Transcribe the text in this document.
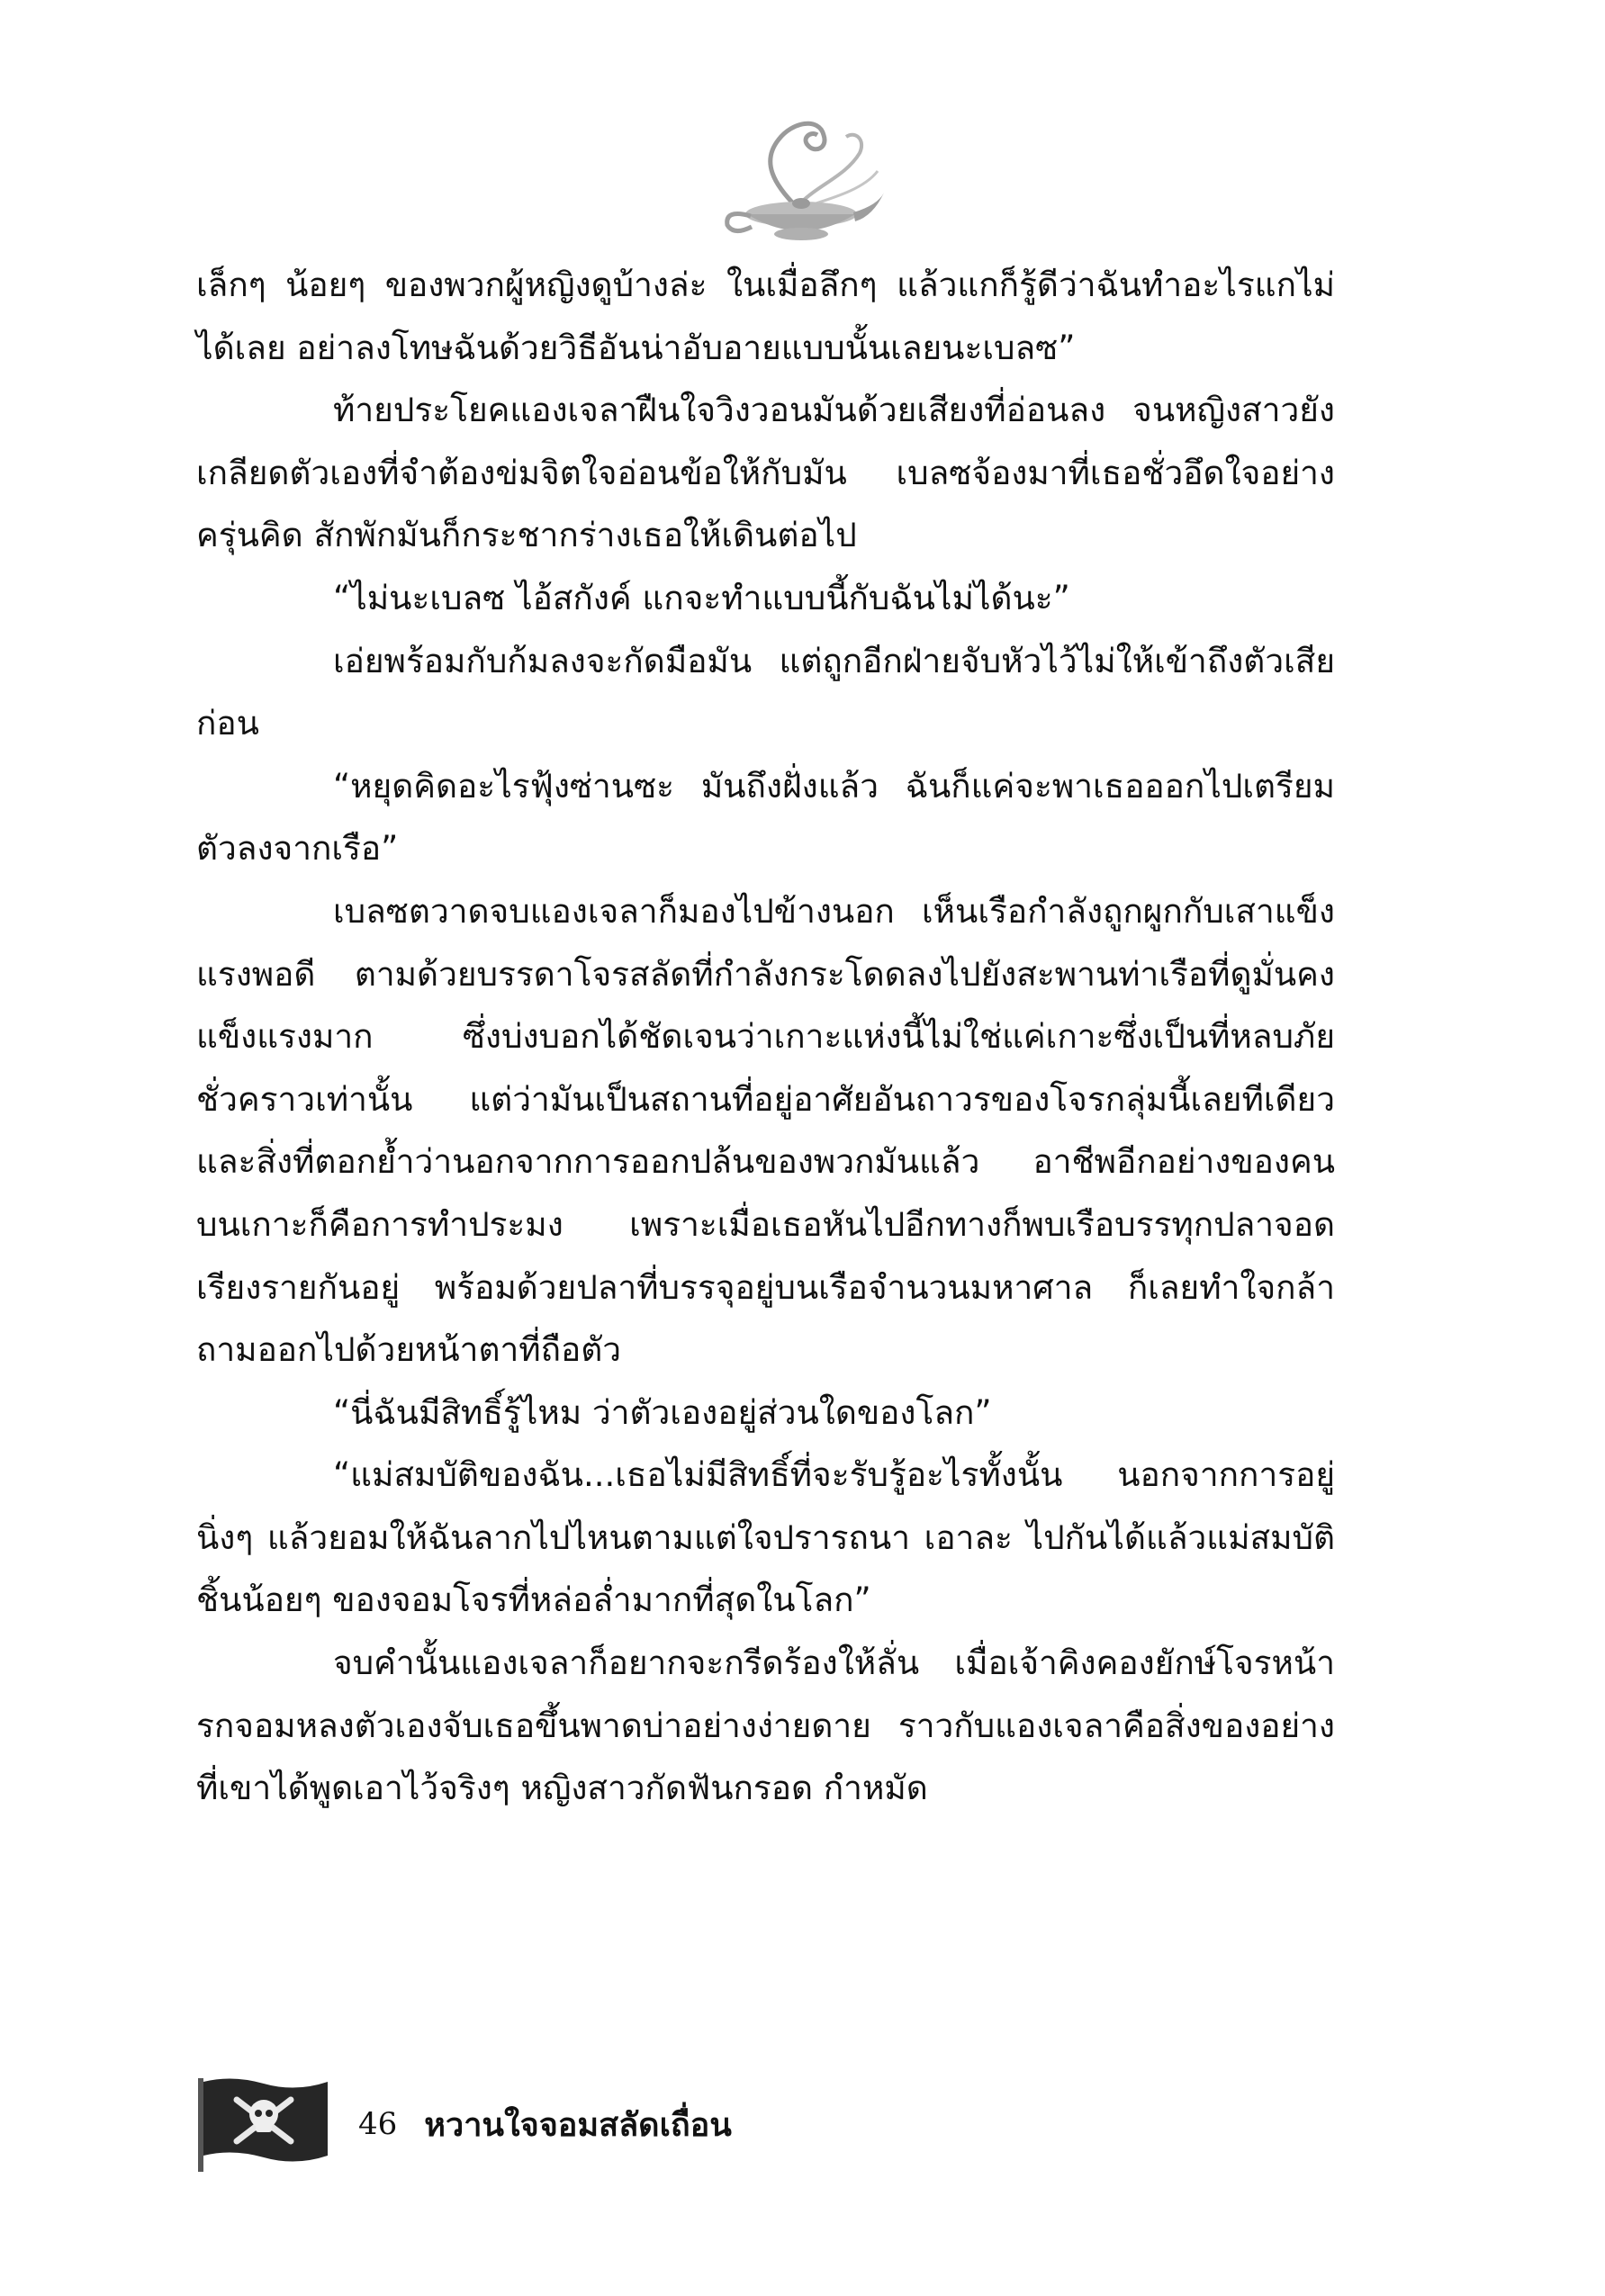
เล็กๆ น้อยๆ ของพวกผู้หญิงดูบ้างล่ะ ในเมื่อลึกๆ แล้วแกก็รู้ดีว่าฉันทำอะไรแกไม่ได้เลย อย่าลงโทษฉันด้วยวิธีอันน่าอับอายแบบนั้นเลยนะเบลซ”

ท้ายประโยคแองเจลาฝืนใจวิงวอนมันด้วยเสียงที่อ่อนลง จนหญิงสาวยังเกลียดตัวเองที่จำต้องข่มจิตใจอ่อนข้อให้กับมัน เบลซจ้องมาที่เธอชั่วอึดใจอย่างครุ่นคิด สักพักมันก็กระชากร่างเธอให้เดินต่อไป

“ไม่นะเบลซ ไอ้สกังค์ แกจะทำแบบนี้กับฉันไม่ได้นะ”

เอ่ยพร้อมกับก้มลงจะกัดมือมัน แต่ถูกอีกฝ่ายจับหัวไว้ไม่ให้เข้าถึงตัวเสียก่อน

“หยุดคิดอะไรฟุ้งซ่านซะ มันถึงฝั่งแล้ว ฉันก็แค่จะพาเธอออกไปเตรียมตัวลงจากเรือ”

เบลซตวาดจบแองเจลาก็มองไปข้างนอก เห็นเรือกำลังถูกผูกกับเสาแข็งแรงพอดี ตามด้วยบรรดาโจรสลัดที่กำลังกระโดดลงไปยังสะพานท่าเรือที่ดูมั่นคงแข็งแรงมาก ซึ่งบ่งบอกได้ชัดเจนว่าเกาะแห่งนี้ไม่ใช่แค่เกาะซึ่งเป็นที่หลบภัยชั่วคราวเท่านั้น แต่ว่ามันเป็นสถานที่อยู่อาศัยอันถาวรของโจรกลุ่มนี้เลยทีเดียว และสิ่งที่ตอกย้ำว่านอกจากการออกปล้นของพวกมันแล้ว อาชีพอีกอย่างของคนบนเกาะก็คือการทำประมง เพราะเมื่อเธอหันไปอีกทางก็พบเรือบรรทุกปลาจอดเรียงรายกันอยู่ พร้อมด้วยปลาที่บรรจุอยู่บนเรือจำนวนมหาศาล ก็เลยทำใจกล้าถามออกไปด้วยหน้าตาที่ถือตัว

“นี่ฉันมีสิทธิ์รู้ไหม ว่าตัวเองอยู่ส่วนใดของโลก”

“แม่สมบัติของฉัน...เธอไม่มีสิทธิ์ที่จะรับรู้อะไรทั้งนั้น นอกจากการอยู่นิ่งๆ แล้วยอมให้ฉันลากไปไหนตามแต่ใจปรารถนา เอาละ ไปกันได้แล้วแม่สมบัติชิ้นน้อยๆ ของจอมโจรที่หล่อล่ำมากที่สุดในโลก”

จบคำนั้นแองเจลาก็อยากจะกรีดร้องให้ลั่น เมื่อเจ้าคิงคองยักษ์โจรหน้ารกจอมหลงตัวเองจับเธอขึ้นพาดบ่าอย่างง่ายดาย ราวกับแองเจลาคือสิ่งของอย่างที่เขาได้พูดเอาไว้จริงๆ หญิงสาวกัดฟันกรอด กำหมัด

46 หวานใจจอมสลัดเถื่อน
